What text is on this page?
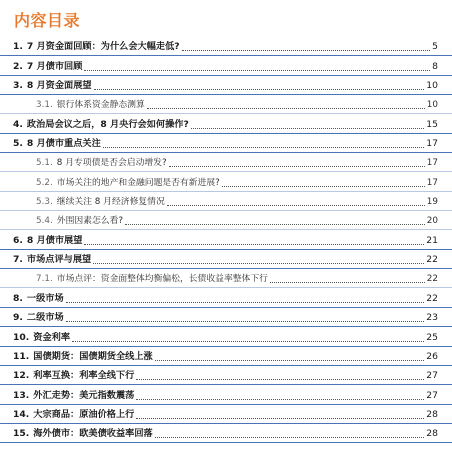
内容目录
1. 7 月资金面回顾：为什么会大幅走低?	5
2. 7 月债市回顾	8
3. 8 月资金面展望	10
3.1. 银行体系资金静态测算	10
4. 政治局会议之后，8 月央行会如何操作?	15
5. 8 月债市重点关注	17
5.1. 8 月专项债是否会启动增发?	17
5.2. 市场关注的地产和金融问题是否有新进展?	17
5.3. 继续关注 8 月经济修复情况	19
5.4. 外围因素怎么看?	20
6. 8 月债市展望	21
7. 市场点评与展望	22
7.1. 市场点评：资金面整体均衡偏松，长债收益率整体下行	22
8. 一级市场	22
9. 二级市场	23
10. 资金利率	25
11. 国债期货：国债期货全线上涨	26
12. 利率互换：利率全线下行	27
13. 外汇走势：美元指数震荡	27
14. 大宗商品：原油价格上行	28
15. 海外债市：欧美债收益率回落	28
